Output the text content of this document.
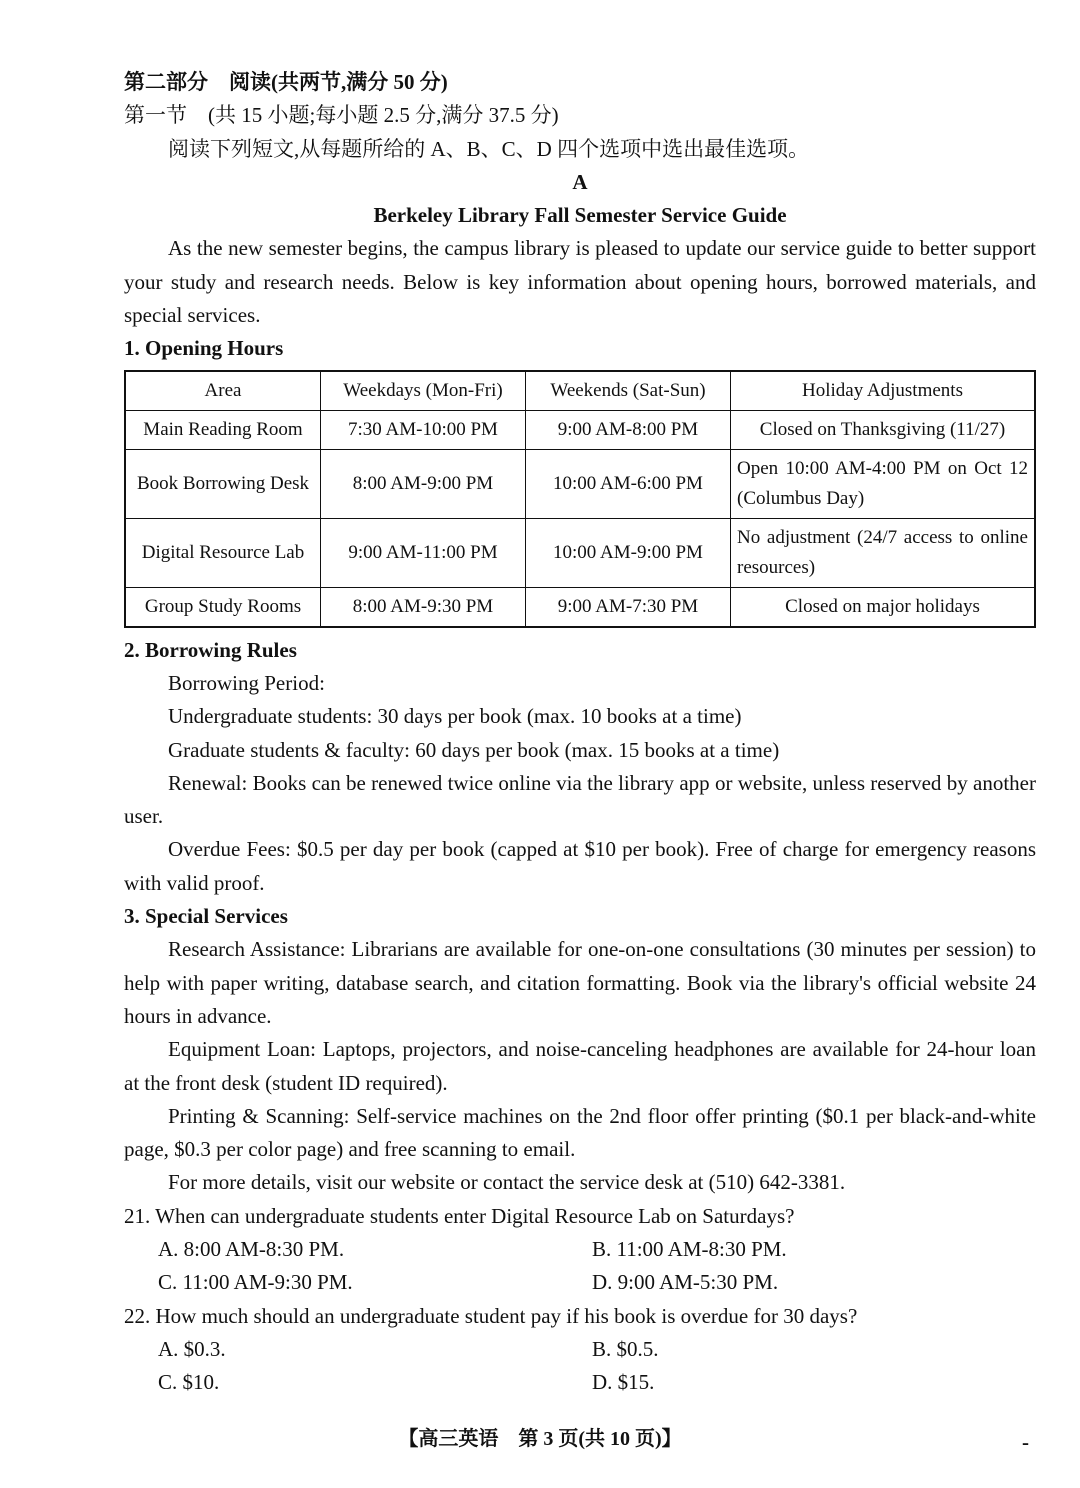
第二部分　阅读(共两节,满分 50 分)
第一节　(共 15 小题;每小题 2.5 分,满分 37.5 分)
阅读下列短文,从每题所给的 A、B、C、D 四个选项中选出最佳选项。
A
Berkeley Library Fall Semester Service Guide
As the new semester begins, the campus library is pleased to update our service guide to better support your study and research needs. Below is key information about opening hours, borrowed materials, and special services.
1. Opening Hours
Area	Weekdays (Mon-Fri)	Weekends (Sat-Sun)	Holiday Adjustments
Main Reading Room	7:30 AM-10:00 PM	9:00 AM-8:00 PM	Closed on Thanksgiving (11/27)
Book Borrowing Desk	8:00 AM-9:00 PM	10:00 AM-6:00 PM	Open 10:00 AM-4:00 PM on Oct 12 (Columbus Day)
Digital Resource Lab	9:00 AM-11:00 PM	10:00 AM-9:00 PM	No adjustment (24/7 access to online resources)
Group Study Rooms	8:00 AM-9:30 PM	9:00 AM-7:30 PM	Closed on major holidays
2. Borrowing Rules
Borrowing Period:
Undergraduate students: 30 days per book (max. 10 books at a time)
Graduate students & faculty: 60 days per book (max. 15 books at a time)
Renewal: Books can be renewed twice online via the library app or website, unless reserved by another user.
Overdue Fees: $0.5 per day per book (capped at $10 per book). Free of charge for emergency reasons with valid proof.
3. Special Services
Research Assistance: Librarians are available for one-on-one consultations (30 minutes per session) to help with paper writing, database search, and citation formatting. Book via the library's official website 24 hours in advance.
Equipment Loan: Laptops, projectors, and noise-canceling headphones are available for 24-hour loan at the front desk (student ID required).
Printing & Scanning: Self-service machines on the 2nd floor offer printing ($0.1 per black-and-white page, $0.3 per color page) and free scanning to email.
For more details, visit our website or contact the service desk at (510) 642-3381.
21. When can undergraduate students enter Digital Resource Lab on Saturdays?
A. 8:00 AM-8:30 PM.	B. 11:00 AM-8:30 PM.
C. 11:00 AM-9:30 PM.	D. 9:00 AM-5:30 PM.
22. How much should an undergraduate student pay if his book is overdue for 30 days?
A. $0.3.	B. $0.5.
C. $10.	D. $15.
【高三英语　第 3 页(共 10 页)】	-
